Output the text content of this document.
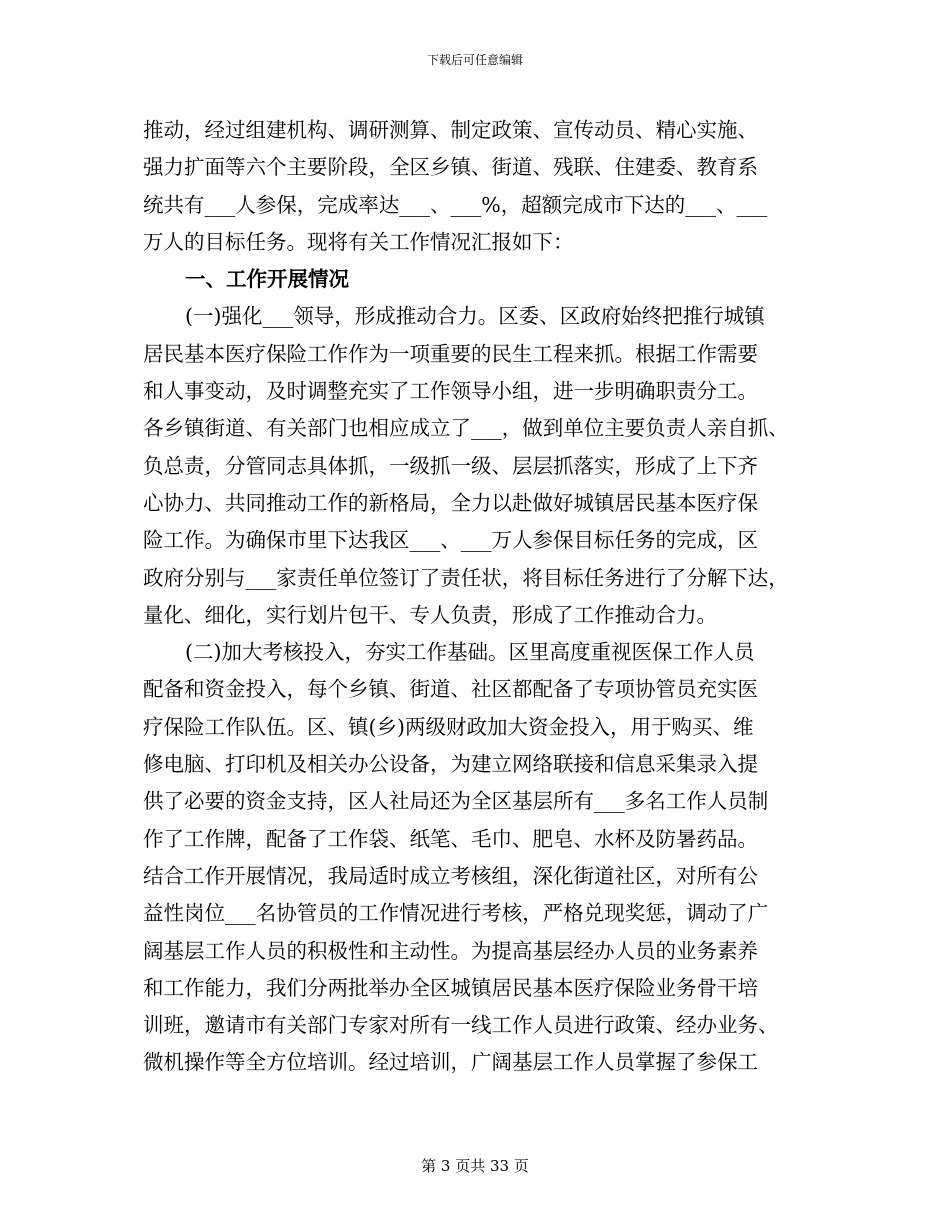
下载后可任意编辑
推动，经过组建机构、调研测算、制定政策、宣传动员、精心实施、
强力扩面等六个主要阶段，全区乡镇、街道、残联、住建委、教育系
统共有___人参保，完成率达___、___%，超额完成市下达的___、___
万人的目标任务。现将有关工作情况汇报如下：
一、工作开展情况
(一)强化___领导，形成推动合力。区委、区政府始终把推行城镇
居民基本医疗保险工作作为一项重要的民生工程来抓。根据工作需要
和人事变动，及时调整充实了工作领导小组，进一步明确职责分工。
各乡镇街道、有关部门也相应成立了___，做到单位主要负责人亲自抓、
负总责，分管同志具体抓，一级抓一级、层层抓落实，形成了上下齐
心协力、共同推动工作的新格局，全力以赴做好城镇居民基本医疗保
险工作。为确保市里下达我区___、___万人参保目标任务的完成，区
政府分别与___家责任单位签订了责任状，将目标任务进行了分解下达，
量化、细化，实行划片包干、专人负责，形成了工作推动合力。
(二)加大考核投入，夯实工作基础。区里高度重视医保工作人员
配备和资金投入，每个乡镇、街道、社区都配备了专项协管员充实医
疗保险工作队伍。区、镇(乡)两级财政加大资金投入，用于购买、维
修电脑、打印机及相关办公设备，为建立网络联接和信息采集录入提
供了必要的资金支持，区人社局还为全区基层所有___多名工作人员制
作了工作牌，配备了工作袋、纸笔、毛巾、肥皂、水杯及防暑药品。
结合工作开展情况，我局适时成立考核组，深化街道社区，对所有公
益性岗位___名协管员的工作情况进行考核，严格兑现奖惩，调动了广
阔基层工作人员的积极性和主动性。为提高基层经办人员的业务素养
和工作能力，我们分两批举办全区城镇居民基本医疗保险业务骨干培
训班，邀请市有关部门专家对所有一线工作人员进行政策、经办业务、
微机操作等全方位培训。经过培训，广阔基层工作人员掌握了参保工
第 3 页共 33 页
